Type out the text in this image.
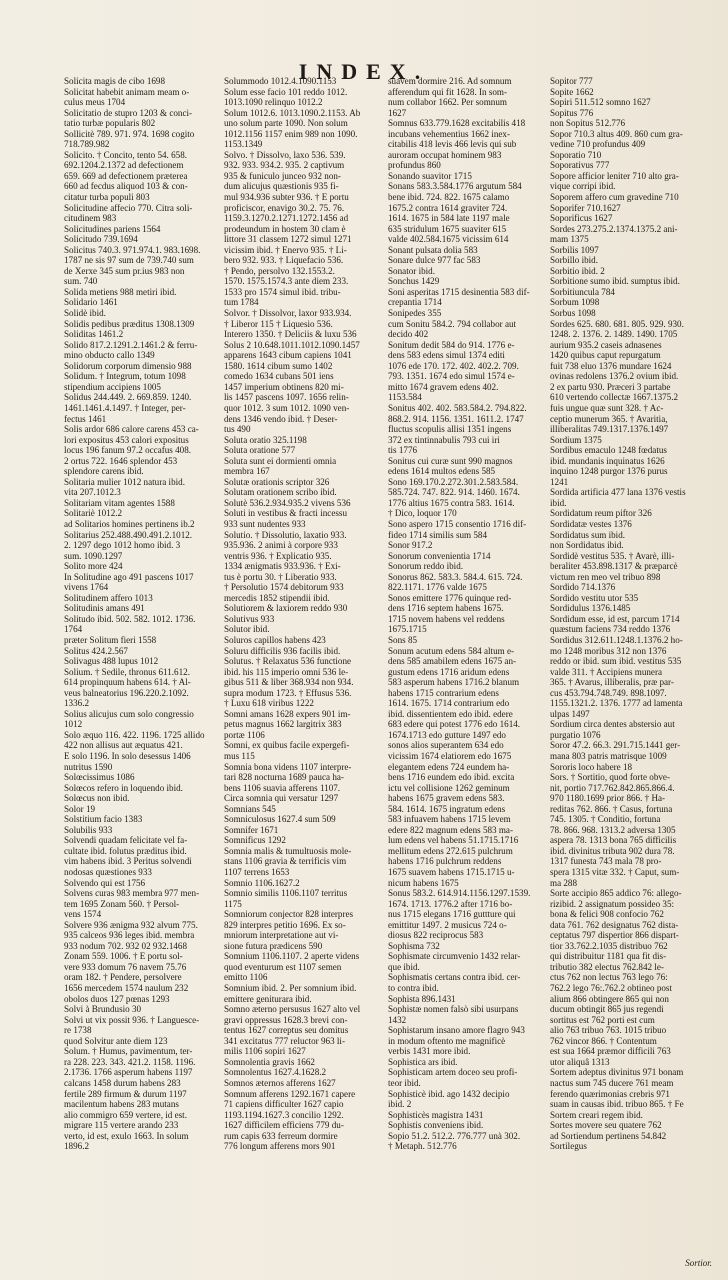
INDEX.

Solicita magis de cibo 1698

Solicitat habebit animam meam o-

culus meus 1704

Solicitatio de stupro 1203 & conci-

tatio turbæ popularis 802

Sollicitè 789. 971. 974. 1698 cogito

718.789.982

Solicito. † Concito, tento 54. 658.

692.1204.2.1372 ad defectionem

659. 669 ad defectionem præterea

660 ad fecdus aliquod 103 & con-

citatur turba populi 803

Solicitudine affecio 770. Citra soli-

citudinem 983

Solicitudines pariens 1564

Solicitudo 739.1694

Solicitus 740.3. 971.974.1. 983.1698.

1787 ne sis 97 sum de 739.740 sum

de Xerxe 345 sum pr.ius 983 non

sum. 740

Solida metiens 988 metiri ibid.

Solidario 1461

Solidè ibid.

Solidis pedibus præditus 1308.1309

Soliditas 1461.2

Solido 817.2.1291.2.1461.2 & ferru-

mino obducto callo 1349

Solidorum corporum dimensio 988

Solidum. † Integrum, totum 1098

stipendium accipiens 1005

Solidus 244.449. 2. 669.859. 1240.

1461.1461.4.1497. † Integer, per-

fectus 1461

Solis ardor 686 calore carens 453 ca-

lori expositus 453 calori expositus

locus 196 fanum 97.2 occafus 408.

2 ortus 722. 1646 splendor 453

splendore carens ibid.

Solitaria mulier 1012 natura ibid.

vita 207.1012.3

Solitariam vitam agentes 1588

Solitariè 1012.2

ad Solitarios homines pertinens ib.2

Solitarius 252.488.490.491.2.1012.

2. 1297 dego 1012 homo ibid. 3

sum. 1090.1297

Solito more 424

In Solitudine ago 491 pascens 1017

vivens 1764

Solitudinem affero 1013

Solitudinis amans 491

Solitudo ibid. 502. 582. 1012. 1736.

1764

præter Solitum fieri 1558

Solitus 424.2.567

Solivagus 488 lupus 1012

Solium. † Sedile, thronus 611.612.

614 propinquum habens 614. † Al-

veus balneatorius 196.220.2.1092.

1336.2

Solius alicujus cum solo congressio

1012

Solo æquo 116. 422. 1196. 1725 allido

422 non allisus aut æquatus 421.

E solo 1196. In solo desessus 1406

nutritus 1590

Solœcissimus 1086

Solœcos refero in loquendo ibid.

Solœcus non ibid.

Solor 19

Solstitium facio 1383

Solubilis 933

Solvendi quadam felicitate vel fa-

cultate ibid. folutus præditus ibid.

vim habens ibid. 3 Peritus solvendi

nodosas quæstiones 933

Solvendo qui est 1756

Solvens curas 983 membra 977 men-

tem 1695 Zonam 560. † Persol-

vens 1574

Solvere 936 ænigma 932 alvum 775.

935 calceos 936 leges ibid. membra

933 nodum 702. 932 02 932.1468

Zonam 559. 1006. † E portu sol-

vere 933 domum 76 navem 75.76

oram 182. † Pendere, persolvere

1656 mercedem 1574 naulum 232

obolos duos 127 pœnas 1293

Solvi à Brundusio 30

Solvi ut vix possit 936. † Languesce-

re 1738

quod Solvitur ante diem 123

Solum. † Humus, pavimentum, ter-

ra 228. 223. 343. 421.2. 1158. 1196.

2.1736. 1766 asperum habens 1197

calcans 1458 durum habens 283

fertile 289 firmum & durum 1197

macilentum habens 283 mutans

alio commigro 659 vertere, id est.

migrare 115 vertere arando 233

verto, id est, exulo 1663. In solum

1896.2

Solummodo 1012.4.1090.1153

Solum esse facio 101 reddo 1012.

1013.1090 relinquo 1012.2

Solum 1012.6. 1013.1090.2.1153. Ab

uno solum parte 1090. Non solum

1012.1156 1157 enim 989 non 1090.

1153.1349

Solvo. † Dissolvo, laxo 536. 539.

932. 933. 934.2. 935. 2 captivum

935 & funiculo junceo 932 non-

dum alicujus quæstionis 935 fi-

mul 934.936 subter 936. † E portu

proficiscor, enavigo 30.2. 75. 76.

1159.3.1270.2.1271.1272.1456 ad

prodeundum in hostem 30 clam è

littore 31 classem 1272 simul 1271

vicissim ibid. † Enervo 935. † Li-

bero 932. 933. † Liquefacio 536.

† Pendo, persolvo 132.1553.2.

1570. 1575.1574.3 ante diem 233.

1533 pro 1574 simul ibid. tribu-

tum 1784

Solvor. † Dissolvor, laxor 933.934.

† Liberor 115 † Liquesio 536.

Interero 1350. † Deliciis & luxu 536

Solus 2 10.648.1011.1012.1090.1457

apparens 1643 cibum capiens 1041

1580. 1614 cibum sumo 1402

comedo 1634 cubans 501 iens

1457 imperium obtinens 820 mi-

lis 1457 pascens 1097. 1656 relin-

quor 1012. 3 sum 1012. 1090 ven-

dens 1346 vendo ibid. † Deser-

tus 490

Soluta oratio 325.1198

Soluta oratione 577

Soluta sunt ei dormienti omnia

membra 167

Solutæ orationis scriptor 326

Solutam orationem scribo ibid.

Solutè 536.2.934.935.2 vivens 536

Soluti in vestibus & fracti incessu

933 sunt nudentes 933

Solutio. † Dissolutio, laxatio 933.

935.936. 2 animi à corpore 933

ventris 936. † Explicatio 935.

1334 ænigmatis 933.936. † Exi-

tus è portu 30. † Liberatio 933.

† Persolutio 1574 debitorum 933

mercedis 1852 stipendii ibid.

Solutiorem & laxiorem reddo 930

Solutivus 933

Solutor ibid.

Soluros capillos habens 423

Soluru difficilis 936 facilis ibid.

Solutus. † Relaxatus 536 functione

ibid. his 115 imperio omni 536 le-

gibus 511 & liber 368.934 non 934.

supra modum 1723. † Effusus 536.

† Luxu 618 viribus 1222

Somni amans 1628 expers 901 im-

petus magnus 1662 largitrix 383

portæ 1106

Somni, ex quibus facile expergefi-

mus 115

Somnia bona videns 1107 interpre-

tari 828 nocturna 1689 pauca ha-

bens 1106 suavia afferens 1107.

Circa somnia qui versatur 1297

Somnians 545

Somniculosus 1627.4 sum 509

Somnifer 1671

Somnificus 1292

Somnia malis & tumultuosis mole-

stans 1106 gravia & terrificis vim

1107 terrens 1653

Somnio 1106.1627.2

Somnio similis 1106.1107 territus

1175

Somniorum conjector 828 interpres

829 interpres petitio 1696. Ex so-

mniorum interpretatione aut vi-

sione futura prædicens 590

Somnium 1106.1107. 2 aperte videns

quod eventurum est 1107 semen

emitto 1106

Somnium ibid. 2. Per somnium ibid.

emittere geniturara ibid.

Somno æterno persusus 1627 alto vel

gravi oppressus 1628.3 brevi con-

tentus 1627 correptus seu domitus

341 excitatus 777 reluctor 963 li-

milis 1106 sopiri 1627

Somnolentia gravis 1662

Somnolentus 1627.4.1628.2

Somnos æternos afferens 1627

Somnum afferens 1292.1671 capere

71 capiens difficulter 1627 capio

1193.1194.1627.3 concilio 1292.

1627 difficilem efficiens 779 du-

rum capis 633 ferreum dormire

776 longum afferens mors 901

suavem dormire 216. Ad somnum

afferendum qui fit 1628. In som-

num collabor 1662. Per somnum

1627

Somnus 633.779.1628 excitabilis 418

incubans vehementius 1662 inex-

citabilis 418 levis 466 levis qui sub

auroram occupat hominem 983

profundus 860

Sonando suavitor 1715

Sonans 583.3.584.1776 argutum 584

bene ibid. 724. 822. 1675 calamo

1675.2 contra 1614 graviter 724.

1614. 1675 in 584 late 1197 male

635 stridulum 1675 suaviter 615

valde 402.584.1675 vicissim 614

Sonant pulsata dolia 583

Sonare dulce 977 fac 583

Sonator ibid.

Sonchus 1429

Soni asperitas 1715 desinentia 583 dif-

crepantia 1714

Sonipedes 355

cum Sonitu 584.2. 794 collabor aut

decido 402

Sonitum dedit 584 do 914. 1776 e-

dens 583 edens simul 1374 editi

1076 ede 170. 172. 402. 402.2. 709.

793. 1351. 1674 edo simul 1574 e-

mitto 1674 gravem edens 402.

1153.584

Sonitus 402. 402. 583.584.2. 794.822.

868.2. 914. 1156. 1351. 1611.2. 1747

fluctus scopulis allisi 1351 ingens

372 ex tintinnabulis 793 cui iri

tis 1776

Sonitus cui curæ sunt 990 magnos

edens 1614 multos edens 585

Sono 169.170.2.272.301.2.583.584.

585.724. 747. 822. 914. 1460. 1674.

1776 altius 1675 contra 583. 1614.

† Dico, loquor 170

Sono aspero 1715 consentio 1716 dif-

fideo 1714 similis sum 584

Sonor 917.2

Sonorum convenientia 1714

Sonorum reddo ibid.

Sonorus 862. 583.3. 584.4. 615. 724.

822.1171. 1776 valde 1675

Sonos emittere 1776 quinque red-

dens 1716 septem habens 1675.

1715 novem habens vel reddens

1675.1715

Sons 85

Sonum acutum edens 584 altum e-

dens 585 amabilem edens 1675 an-

gustum edens 1716 aridum edens

583 asperum habens 1716.2 blanum

habens 1715 contrarium edens

1614. 1675. 1714 contrarium edo

ibid. dissentientem edo ibid. edere

683 edere qui potest 1776 edo 1614.

1674.1713 edo gutture 1497 edo

sonos alios superantem 634 edo

vicissim 1674 elatiorem edo 1675

elegantem edens 724 eundem ha-

bens 1716 eundem edo ibid. excita

ictu vel collisione 1262 geminum

habens 1675 gravem edens 583.

584. 1614. 1675 ingratum edens

583 infuavem habens 1715 levem

edere 822 magnum edens 583 ma-

lum edens vel habens 51.1715.1716

mellitum edens 272.615 pulchrum

habens 1716 pulchrum reddens

1675 suavem habens 1715.1715 u-

nicum habens 1675

Sonus 583.2. 614.914.1156.1297.1539.

1674. 1713. 1776.2 after 1716 bo-

nus 1715 elegans 1716 guttture qui

emittitur 1497. 2 musicus 724 o-

diosus 822 reciprocus 583

Sophisma 732

Sophismate circumvenio 1432 relar-

que ibid.

Sophismatis certans contra ibid. cer-

to contra ibid.

Sophista 896.1431

Sophistæ nomen falsò sibi usurpans

1432

Sophistarum insano amore flagro 943

in modum oftento me magnificè

verbis 1431 more ibid.

Sophistica ars ibid.

Sophisticam artem doceo seu profi-

teor ibid.

Sophisticè ibid. ago 1432 decipio

ibid. 2

Sophisticès magistra 1431

Sophistis conveniens ibid.

Sopio 51.2. 512.2. 776.777 unà 302.

† Metaph. 512.776

Sopitor 777

Sopite 1662

Sopiri 511.512 somno 1627

Sopitus 776

non Sopitus 512.776

Sopor 710.3 altus 409. 860 cum gra-

vedine 710 profundus 409

Soporatio 710

Soporativus 777

Sopore afficior leniter 710 alto gra-

vique corripi ibid.

Soporem affero cum gravedine 710

Soporifer 710.1627

Soporificus 1627

Sordes 273.275.2.1374.1375.2 ani-

mam 1375

Sorbilis 1097

Sorbillo ibid.

Sorbitio ibid. 2

Sorbitione sumo ibid. sumptus ibid.

Sorbitiuncula 784

Sorbum 1098

Sorbus 1098

Sordes 625. 680. 681. 805. 929. 930.

1248. 2. 1376. 2. 1489. 1490. 1705

aurium 935.2 caseis adnasenes

1420 quibus caput repurgatum

fuit 738 eluo 1376 mundare 1624

ovinas redolens 1376.2 ovium ibid.

2 ex partu 930. Præceri 3 partabe

610 vertendo collectæ 1667.1375.2

fuis ungue quæ sunt 328. † Ac-

ceptio munerum 365. † Avaritia,

illiberalitas 749.1317.1376.1497

Sordium 1375

Sordibus emaculo 1248 fœdatus

ibid. mundanis inquinatus 1626

inquino 1248 purgor 1376 purus

1241

Sordida artificia 477 lana 1376 vestis

ibid.

Sordidatum reum piftor 326

Sordidatæ vestes 1376

Sordidatus sum ibid.

non Sordidatus ibid.

Sordidè vestitus 535. † Avarè, illi-

beraliter 453.898.1317 & præparcè

victum ren meo vel tribuo 898

Sordido 714.1376

Sordido vestitu utor 535

Sordidulus 1376.1485

Sordidum esse, id est, parcum 1714

quæstum faciens 734 reddo 1376

Sordidus 312.611.1248.1.1376.2 ho-

mo 1248 moribus 312 non 1376

reddo or ibid. sum ibid. vestitus 535

valde 311. † Accipiens munera

365. † Avarus, illiberalis, præ par-

cus 453.794.748.749. 898.1097.

1155.1321.2. 1376. 1777 ad lamenta

ulpas 1497

Sordium circa dentes abstersio aut

purgatio 1076

Soror 47.2. 66.3. 291.715.1441 ger-

mana 803 patris matrisque 1009

Sororis loco habere 18

Sors. † Sortitio, quod forte obve-

nit, portio 717.762.842.865.866.4.

970 1180.1699 prior 866. † Ha-

reditas 762. 866. † Casus, fortuna

745. 1305. † Conditio, fortuna

78. 866. 968. 1313.2 adversa 1305

aspera 78. 1313 bona 765 difficilis

ibid. divinitus tributa 902 dura 78.

1317 funesta 743 mala 78 pro-

spera 1315 vitæ 332. † Caput, sum-

ma 288

Sorte accipio 865 addico 76: allego-

rizibid. 2 assignatum possideo 35:

bona & felici 908 confocio 762

data 761. 762 designatus 762 dista-

ceptatus 797 dispertior 866 dispart-

tior 33.762.2.1035 distribuo 762

qui distribuitur 1181 qua fit dis-

tributio 382 electus 762.842 le-

ctus 762 non lectus 763 lego 76:

762.2 lego 76:.762.2 obtineo post

alium 866 obtingere 865 qui non

ducum obtingit 865 jus regendi

sortitus est 762 porti est cum

alio 763 tribuo 763. 1015 tribuo

762 vincor 866. † Contentum

est sua 1664 præmor difficili 763

utor aliquâ 1313

Sortem adeptus divinitus 971 bonam

nactus sum 745 ducere 761 meam

ferendo quærimonias crebris 971

suam in causas ibid. tribuo 865. † Fe

Sortem creari regem ibid.

Sortes movere seu quatere 762

ad Sortiendum pertinens 54.842

Sortilegus

Sortior.
